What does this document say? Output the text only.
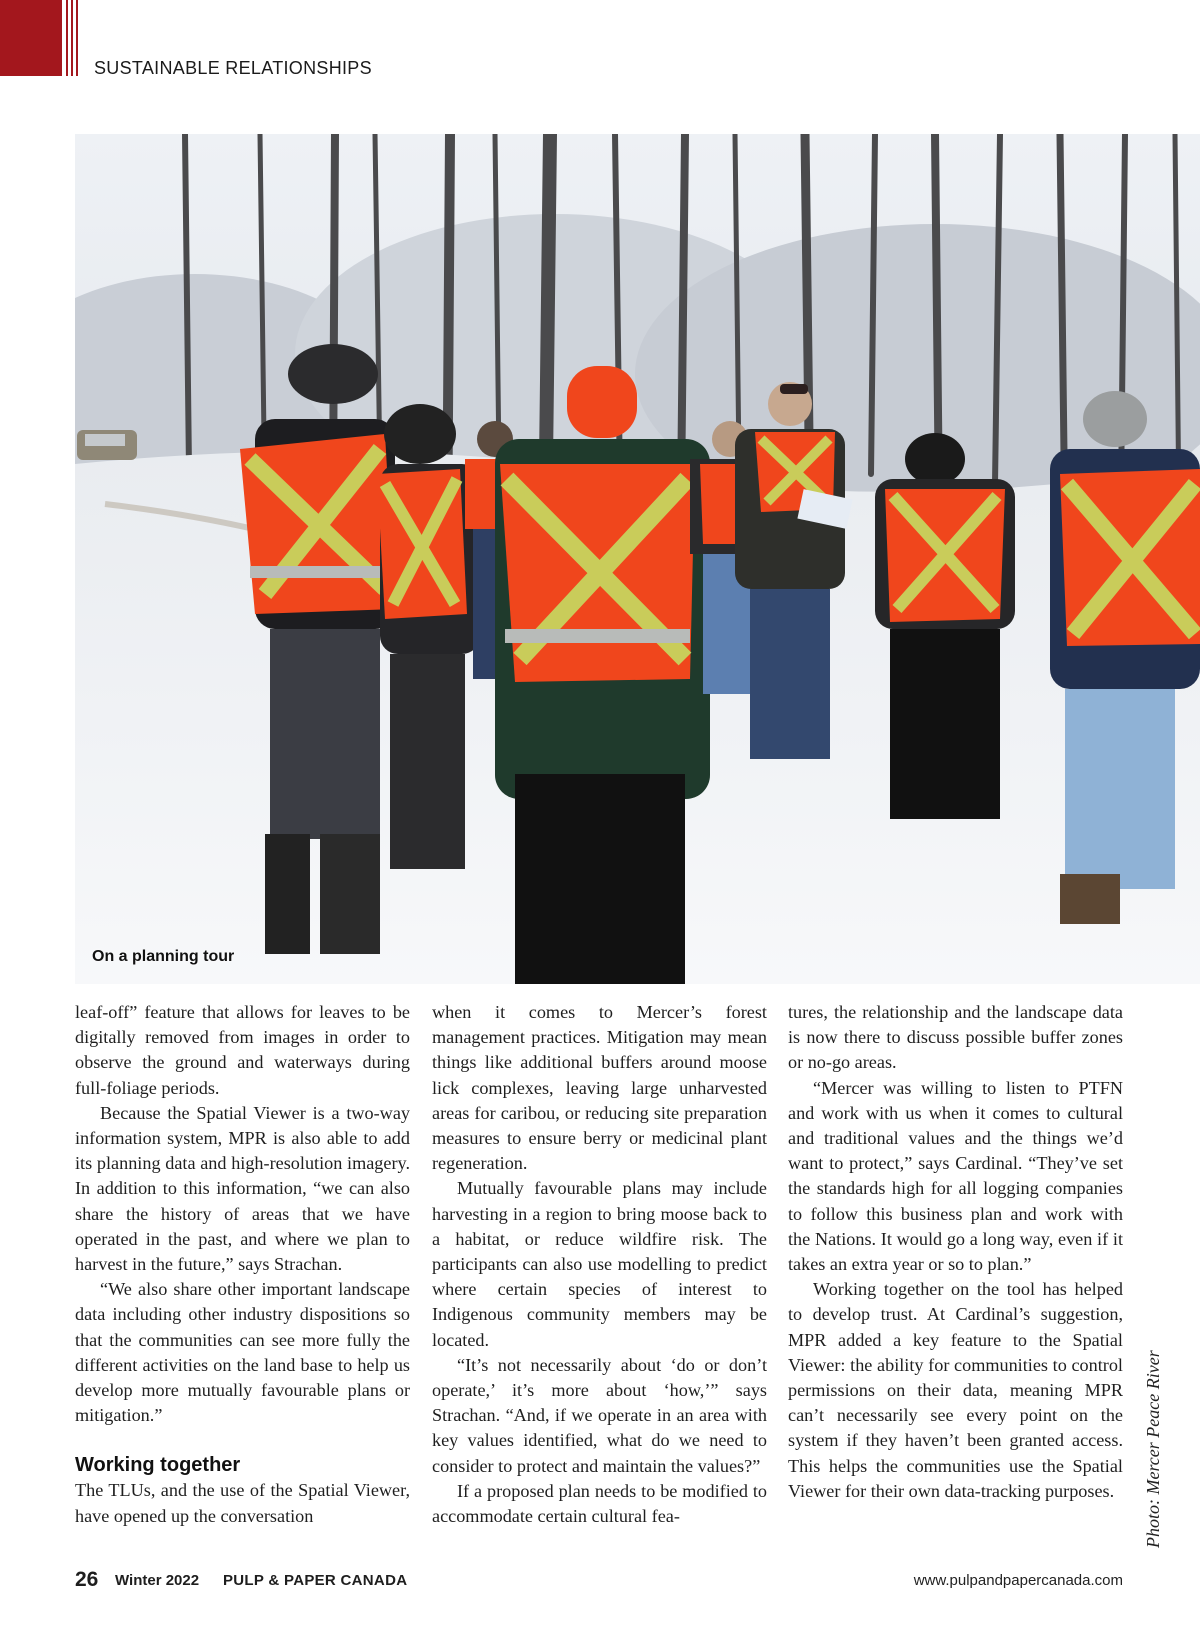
SUSTAINABLE RELATIONSHIPS
On a planning tour

leaf-off” feature that allows for leaves to be digitally removed from images in order to observe the ground and waterways during full-foliage periods.

Because the Spatial Viewer is a two-way information system, MPR is also able to add its planning data and high-resolution imagery. In addition to this information, “we can also share the history of areas that we have operated in the past, and where we plan to harvest in the future,” says Strachan.

“We also share other important landscape data including other industry dispositions so that the communities can see more fully the different activities on the land base to help us develop more mutually favourable plans or mitigation.”

Working together

The TLUs, and the use of the Spatial Viewer, have opened up the conversation

when it comes to Mercer’s forest management practices. Mitigation may mean things like additional buffers around moose lick complexes, leaving large unharvested areas for caribou, or reducing site preparation measures to ensure berry or medicinal plant regeneration.

Mutually favourable plans may include harvesting in a region to bring moose back to a habitat, or reduce wildfire risk. The participants can also use modelling to predict where certain species of interest to Indigenous community members may be located.

“It’s not necessarily about ‘do or don’t operate,’ it’s more about ‘how,’” says Strachan. “And, if we operate in an area with key values identified, what do we need to consider to protect and maintain the values?”

If a proposed plan needs to be modified to accommodate certain cultural fea-

tures, the relationship and the landscape data is now there to discuss possible buffer zones or no-go areas.

“Mercer was willing to listen to PTFN and work with us when it comes to cultural and traditional values and the things we’d want to protect,” says Cardinal. “They’ve set the standards high for all logging companies to follow this business plan and work with the Nations. It would go a long way, even if it takes an extra year or so to plan.”

Working together on the tool has helped to develop trust. At Cardinal’s suggestion, MPR added a key feature to the Spatial Viewer: the ability for communities to control permissions on their data, meaning MPR can’t necessarily see every point on the system if they haven’t been granted access. This helps the communities use the Spatial Viewer for their own data-tracking purposes.	Photo: Mercer Peace River
26 Winter 2022 PULP & PAPER CANADA	www.pulpandpapercanada.com
